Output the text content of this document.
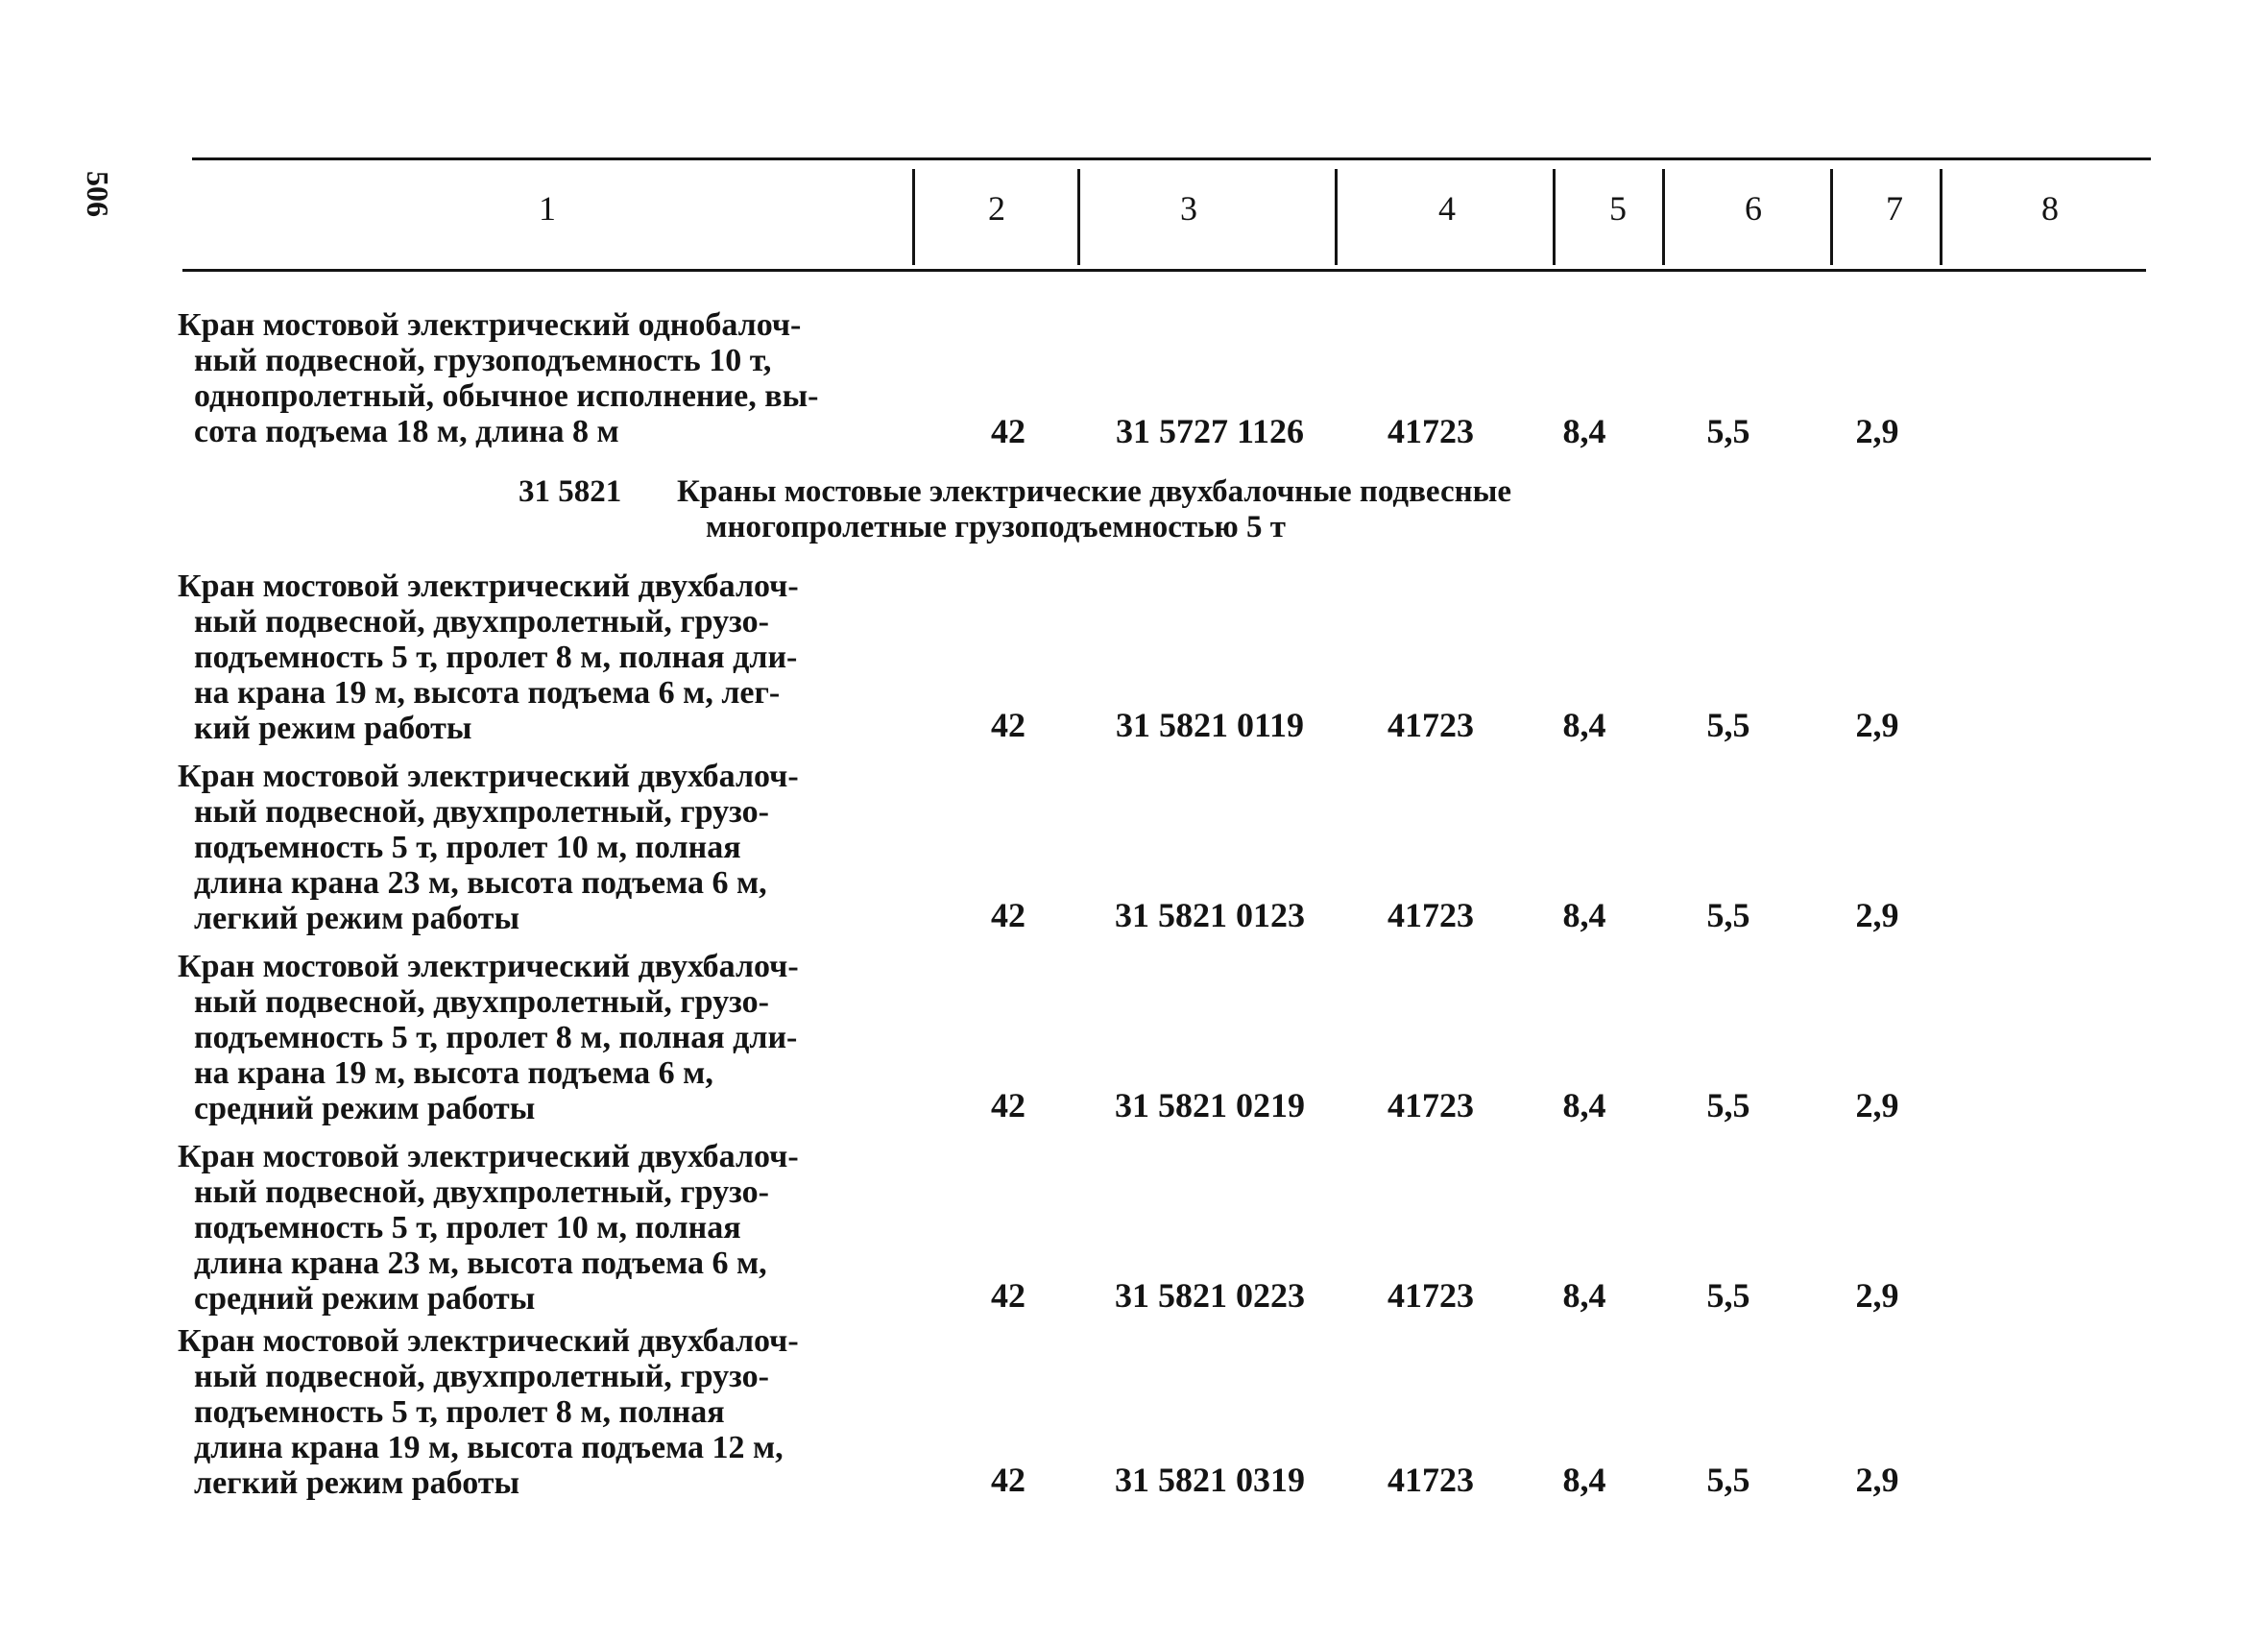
506	1	2	3	4	5	6	7	8
Кран мостовой электрический однобалоч-
ный подвесной, грузоподъемность 10 т,
однопролетный, обычное исполнение, вы-
сота подъема 18 м, длина 8 м	42	31 5727 1126	41723	8,4	5,5	2,9
31 5821 Краны мостовые электрические двухбалочные подвесные
многопролетные грузоподъемностью 5 т
Кран мостовой электрический двухбалоч-
ный подвесной, двухпролетный, грузо-
подъемность 5 т, пролет 8 м, полная дли-
на крана 19 м, высота подъема 6 м, лег-
кий режим работы	42	31 5821 0119	41723	8,4	5,5	2,9
Кран мостовой электрический двухбалоч-
ный подвесной, двухпролетный, грузо-
подъемность 5 т, пролет 10 м, полная
длина крана 23 м, высота подъема 6 м,
легкий режим работы	42	31 5821 0123	41723	8,4	5,5	2,9
Кран мостовой электрический двухбалоч-
ный подвесной, двухпролетный, грузо-
подъемность 5 т, пролет 8 м, полная дли-
на крана 19 м, высота подъема 6 м,
средний режим работы	42	31 5821 0219	41723	8,4	5,5	2,9
Кран мостовой электрический двухбалоч-
ный подвесной, двухпролетный, грузо-
подъемность 5 т, пролет 10 м, полная
длина крана 23 м, высота подъема 6 м,
средний режим работы	42	31 5821 0223	41723	8,4	5,5	2,9
Кран мостовой электрический двухбалоч-
ный подвесной, двухпролетный, грузо-
подъемность 5 т, пролет 8 м, полная
длина крана 19 м, высота подъема 12 м,
легкий режим работы	42	31 5821 0319	41723	8,4	5,5	2,9
